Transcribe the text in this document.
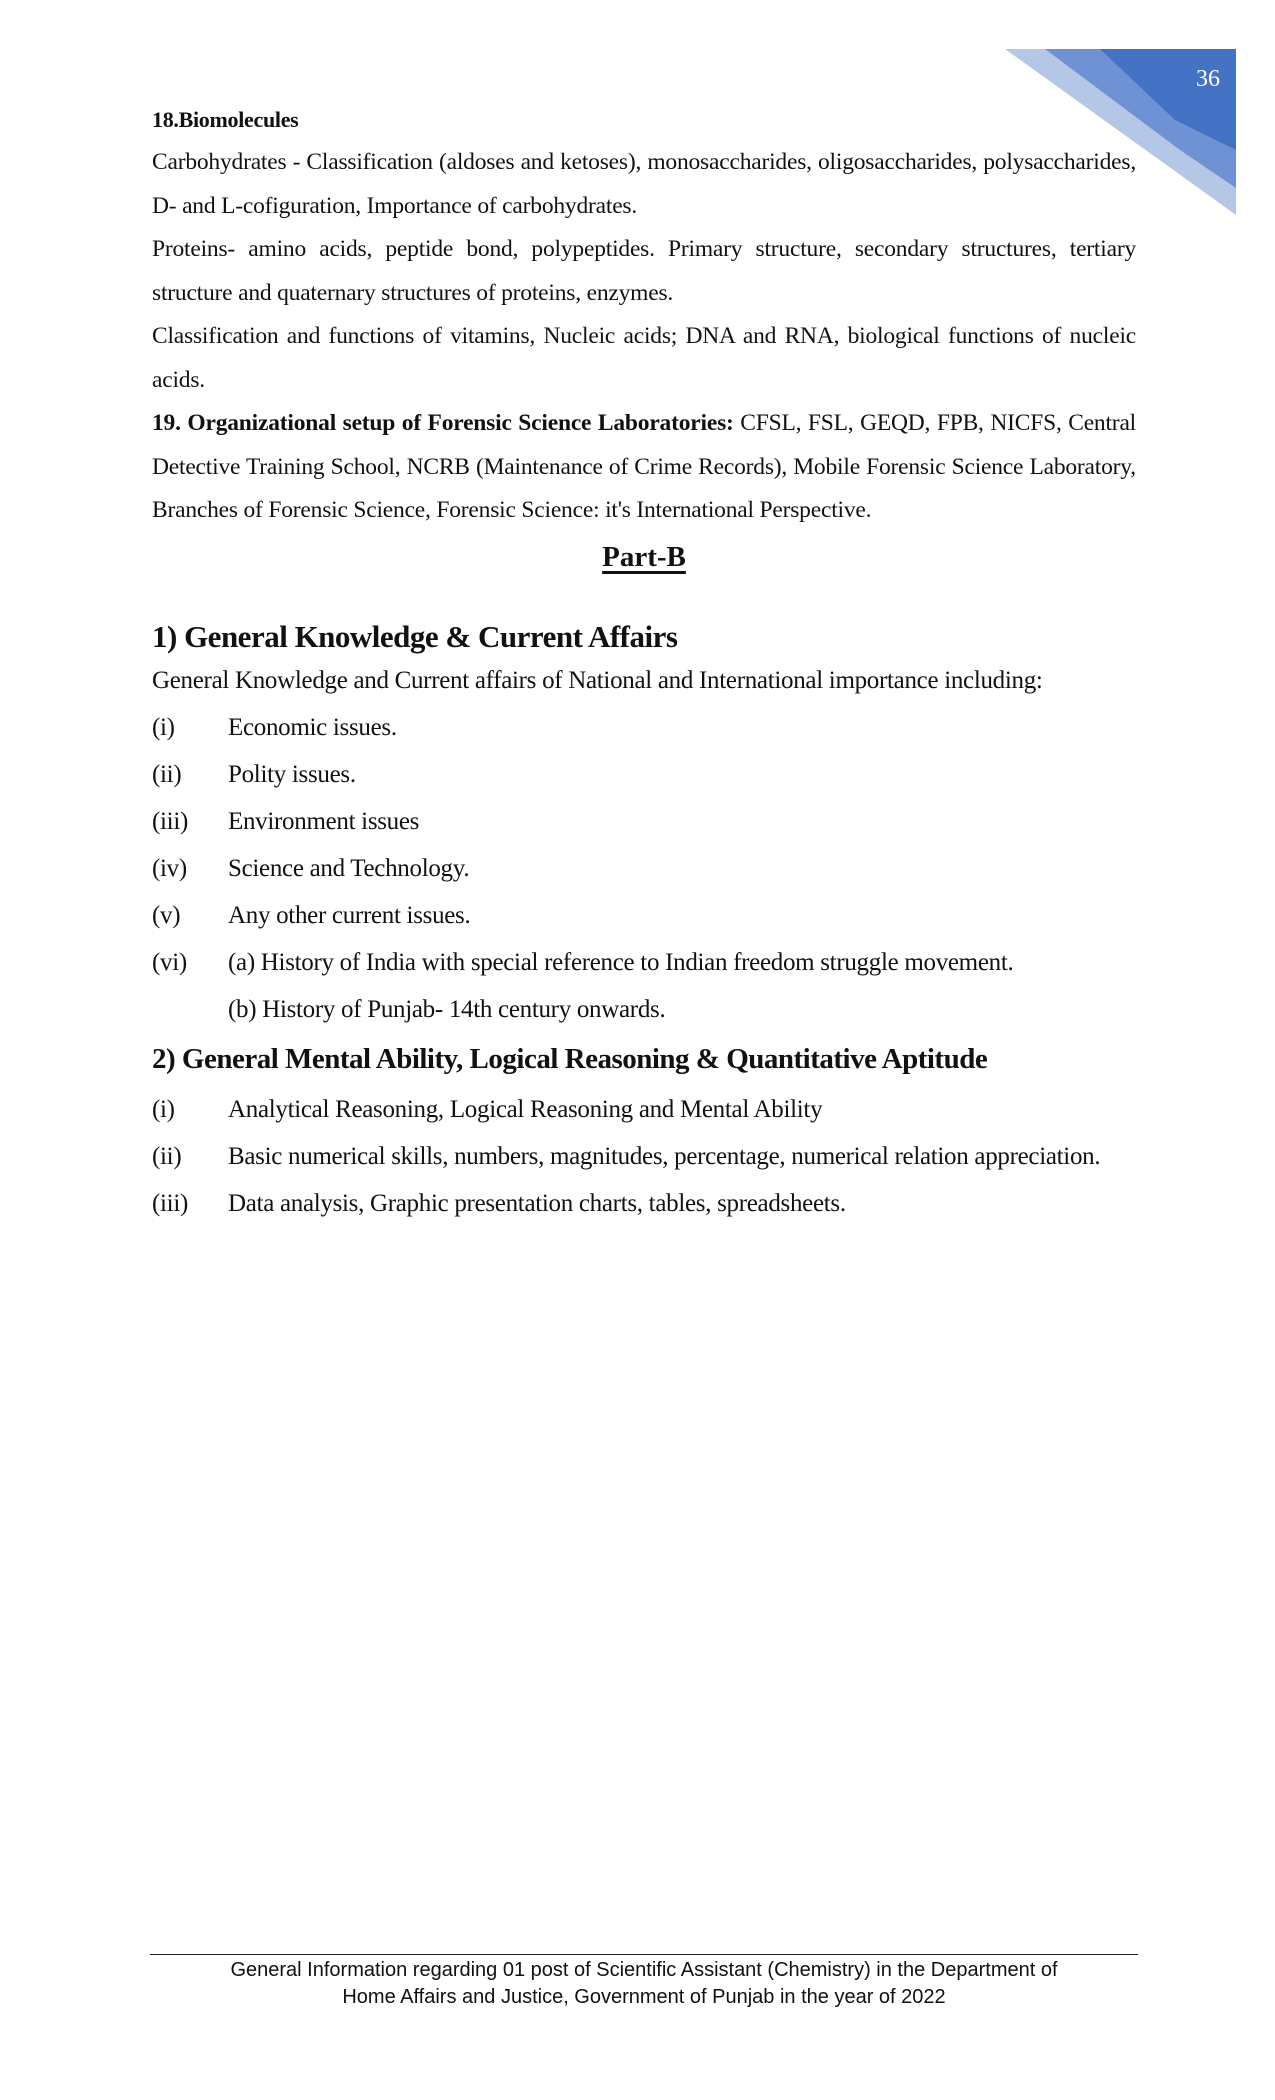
36

18.Biomolecules

Carbohydrates - Classification (aldoses and ketoses), monosaccharides, oligosaccharides, polysaccharides, D- and L-cofiguration, Importance of carbohydrates.

Proteins- amino acids, peptide bond, polypeptides. Primary structure, secondary structures, tertiary structure and quaternary structures of proteins, enzymes.

Classification and functions of vitamins, Nucleic acids; DNA and RNA, biological functions of nucleic acids.

19. Organizational setup of Forensic Science Laboratories: CFSL, FSL, GEQD, FPB, NICFS, Central Detective Training School, NCRB (Maintenance of Crime Records), Mobile Forensic Science Laboratory, Branches of Forensic Science, Forensic Science: it's International Perspective.

Part-B

1) General Knowledge & Current Affairs

General Knowledge and Current affairs of National and International importance including:

(i)	Economic issues.
(ii)	Polity issues.
(iii)	Environment issues
(iv)	Science and Technology.
(v)	Any other current issues.
(vi)	(a) History of India with special reference to Indian freedom struggle movement.
(b) History of Punjab- 14th century onwards.

2) General Mental Ability, Logical Reasoning & Quantitative Aptitude

(i)	Analytical Reasoning, Logical Reasoning and Mental Ability
(ii)	Basic numerical skills, numbers, magnitudes, percentage, numerical relation appreciation.
(iii)	Data analysis, Graphic presentation charts, tables, spreadsheets.
General Information regarding 01 post of Scientific Assistant (Chemistry) in the Department of
Home Affairs and Justice, Government of Punjab in the year of 2022
